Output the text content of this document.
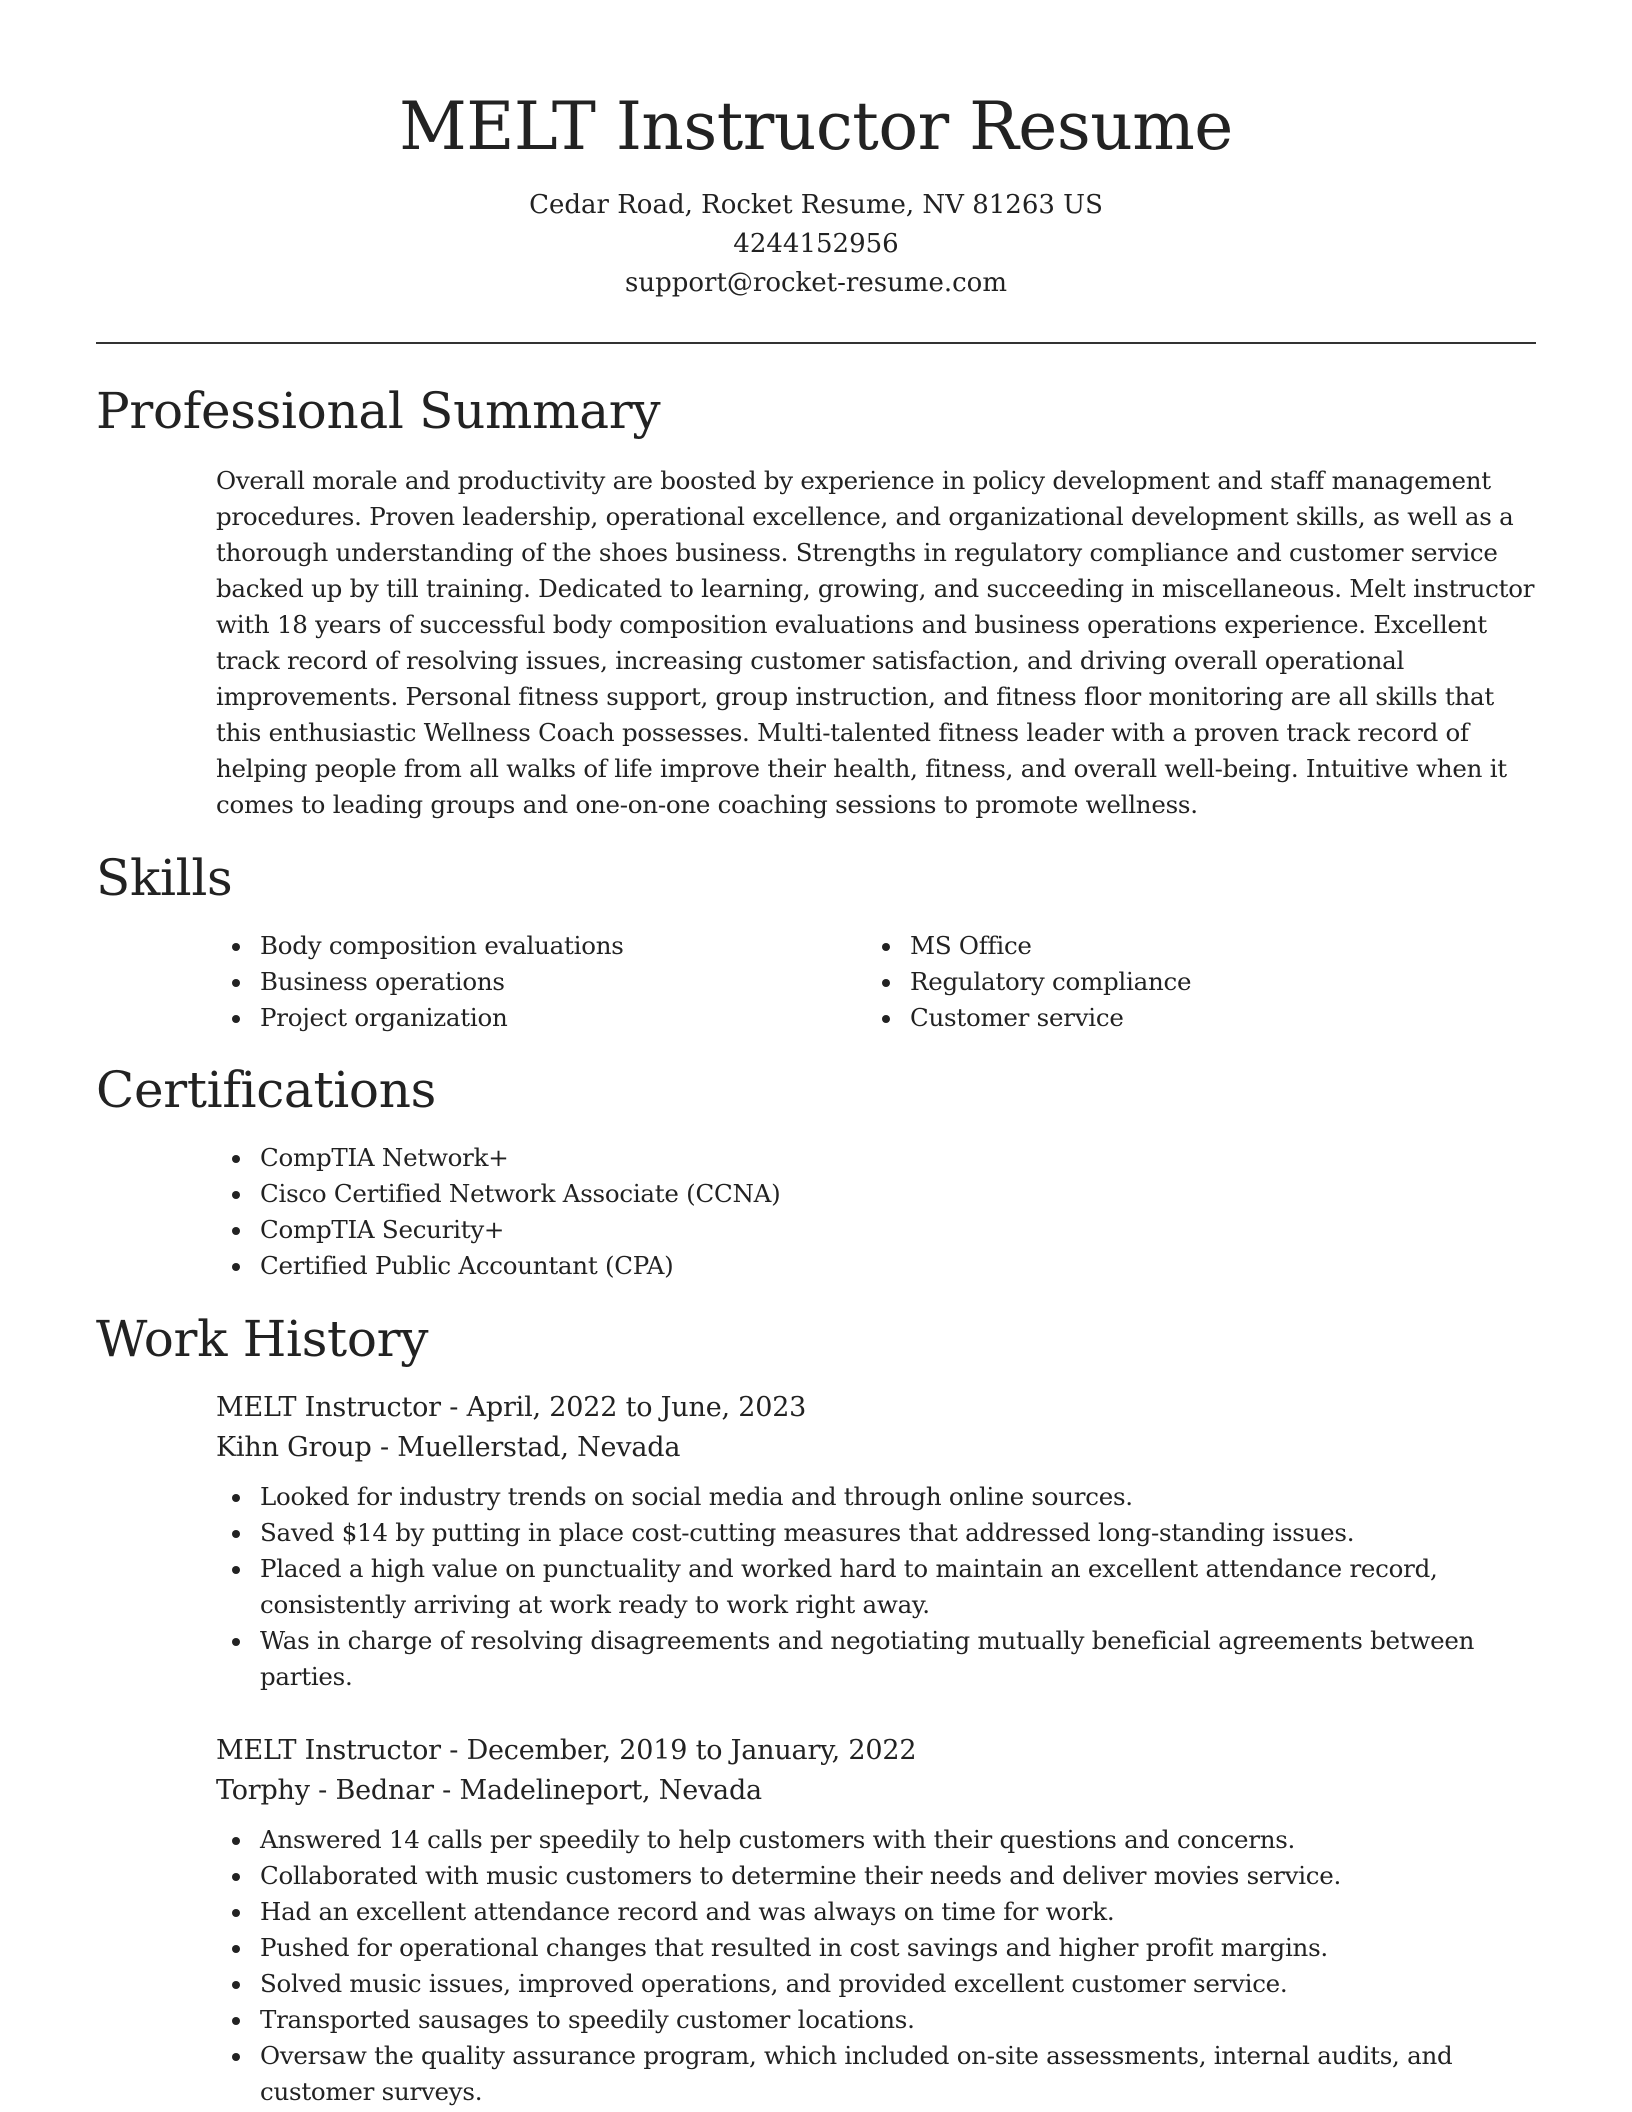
MELT Instructor Resume

Cedar Road, Rocket Resume, NV 81263 US

4244152956

support@rocket-resume.com

Professional Summary

Overall morale and productivity are boosted by experience in policy development and staff management procedures. Proven leadership, operational excellence, and organizational development skills, as well as a thorough understanding of the shoes business. Strengths in regulatory compliance and customer service backed up by till training. Dedicated to learning, growing, and succeeding in miscellaneous. Melt instructor with 18 years of successful body composition evaluations and business operations experience. Excellent track record of resolving issues, increasing customer satisfaction, and driving overall operational improvements. Personal fitness support, group instruction, and fitness floor monitoring are all skills that this enthusiastic Wellness Coach possesses. Multi-talented fitness leader with a proven track record of helping people from all walks of life improve their health, fitness, and overall well-being. Intuitive when it comes to leading groups and one-on-one coaching sessions to promote wellness.

Skills
Body composition evaluations
Business operations
Project organization
MS Office
Regulatory compliance
Customer service
Certifications
CompTIA Network+
Cisco Certified Network Associate (CCNA)
CompTIA Security+
Certified Public Accountant (CPA)
Work History

MELT Instructor - April, 2022 to June, 2023

Kihn Group - Muellerstad, Nevada

Looked for industry trends on social media and through online sources.
Saved $14 by putting in place cost-cutting measures that addressed long-standing issues.
Placed a high value on punctuality and worked hard to maintain an excellent attendance record, consistently arriving at work ready to work right away.
Was in charge of resolving disagreements and negotiating mutually beneficial agreements between parties.

MELT Instructor - December, 2019 to January, 2022

Torphy - Bednar - Madelineport, Nevada

Answered 14 calls per speedily to help customers with their questions and concerns.
Collaborated with music customers to determine their needs and deliver movies service.
Had an excellent attendance record and was always on time for work.
Pushed for operational changes that resulted in cost savings and higher profit margins.
Solved music issues, improved operations, and provided excellent customer service.
Transported sausages to speedily customer locations.
Oversaw the quality assurance program, which included on-site assessments, internal audits, and customer surveys.
